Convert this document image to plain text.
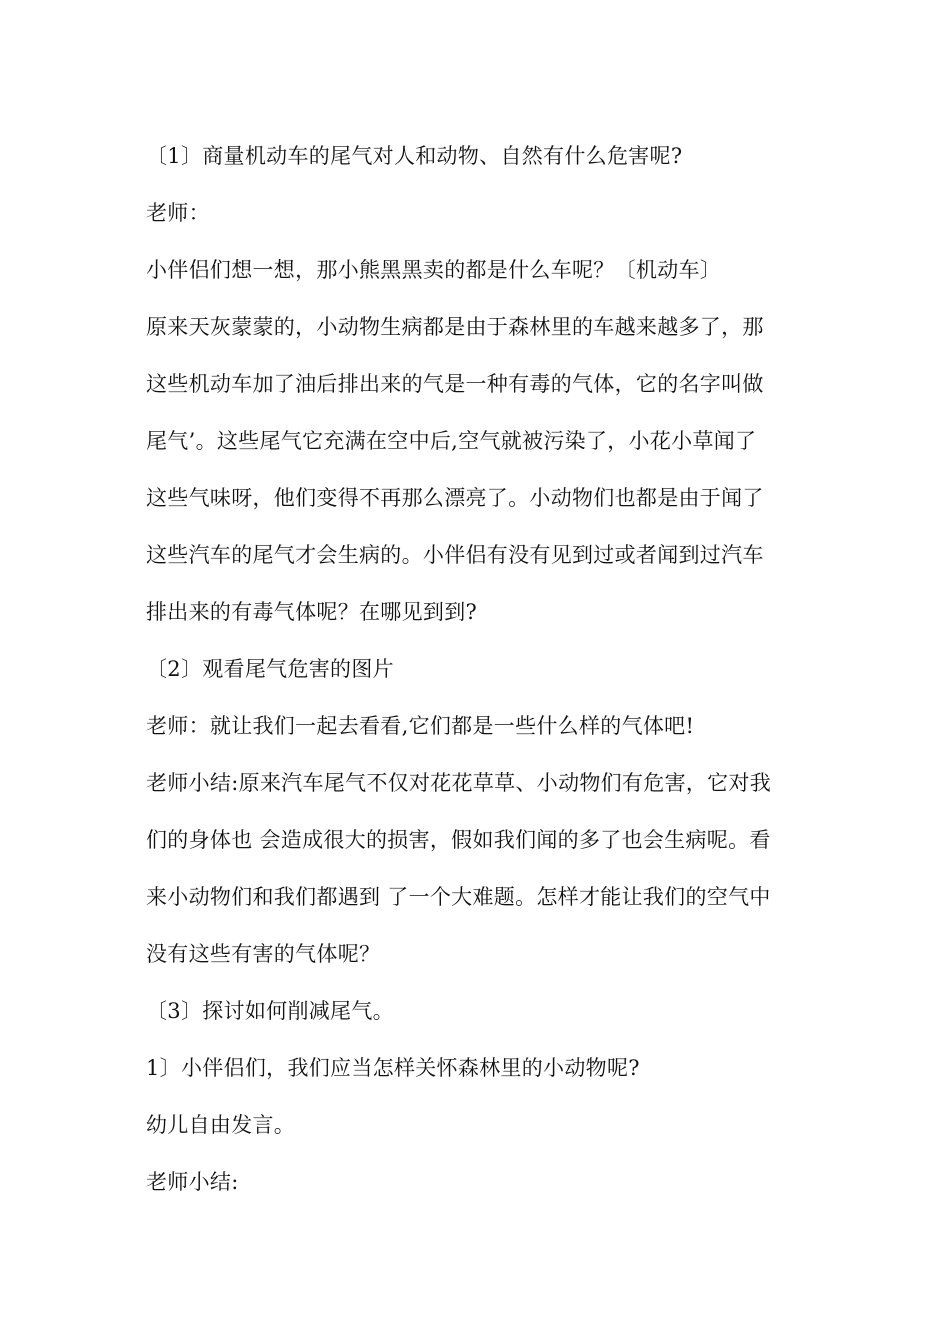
〔1〕商量机动车的尾气对人和动物、自然有什么危害呢?
老师：
小伴侣们想一想，那小熊黑黑卖的都是什么车呢？〔机动车〕
原来天灰蒙蒙的，小动物生病都是由于森林里的车越来越多了，那
这些机动车加了油后排出来的气是一种有毒的气体，它的名字叫做
尾气’。这些尾气它充满在空中后,空气就被污染了，小花小草闻了
这些气味呀，他们变得不再那么漂亮了。小动物们也都是由于闻了
这些汽车的尾气才会生病的。小伴侣有没有见到过或者闻到过汽车
排出来的有毒气体呢？在哪见到到?
〔2〕观看尾气危害的图片
老师：就让我们一起去看看,它们都是一些什么样的气体吧!
老师小结:原来汽车尾气不仅对花花草草、小动物们有危害，它对我
们的身体也 会造成很大的损害，假如我们闻的多了也会生病呢。看
来小动物们和我们都遇到 了一个大难题。怎样才能让我们的空气中
没有这些有害的气体呢？
〔3〕探讨如何削减尾气。
1〕小伴侣们，我们应当怎样关怀森林里的小动物呢?
幼儿自由发言。
老师小结:
